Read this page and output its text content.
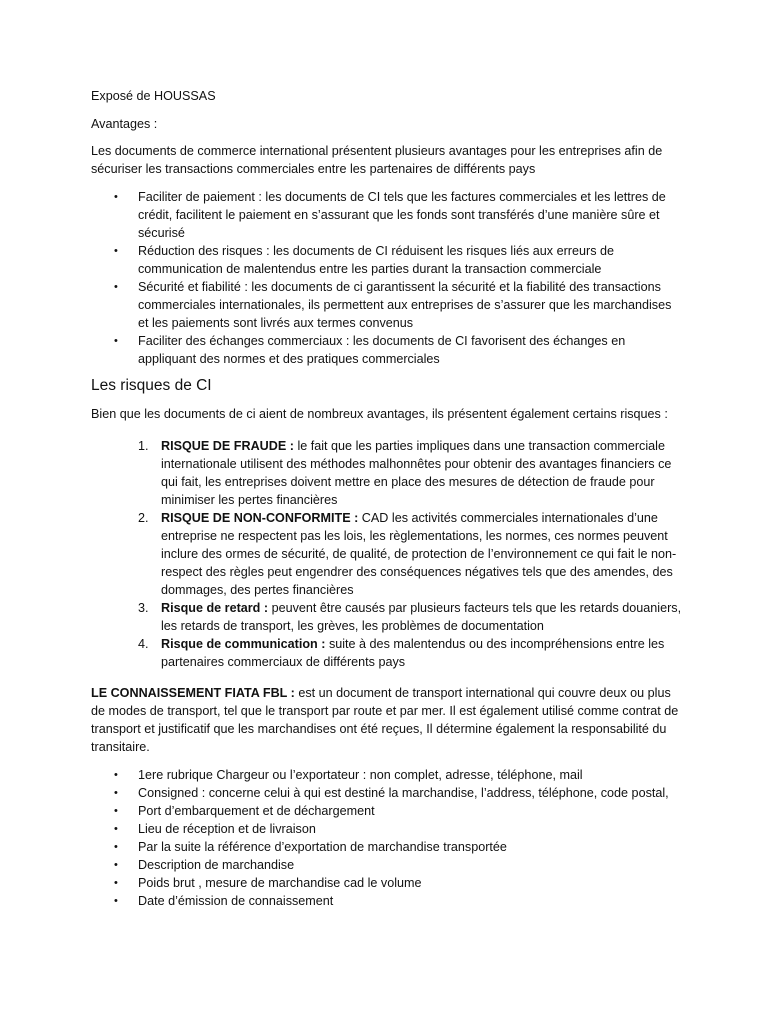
Exposé de HOUSSAS

Avantages :

Les documents de commerce international présentent plusieurs avantages pour les entreprises afin de sécuriser les transactions commerciales entre les partenaires de différents pays

•	Faciliter de paiement : les documents de CI tels que les factures commerciales et les lettres de crédit, facilitent le paiement en s’assurant que les fonds sont transférés d’une manière sûre et sécurisé
•	Réduction des risques : les documents de CI réduisent les risques liés aux erreurs de communication de malentendus entre les parties durant la transaction commerciale
•	Sécurité et fiabilité : les documents de ci garantissent la sécurité et la fiabilité des transactions commerciales internationales, ils permettent aux entreprises de s’assurer que les marchandises et les paiements sont livrés aux termes convenus
•	Faciliter des échanges commerciaux : les documents de CI favorisent des échanges en appliquant des normes et des pratiques commerciales
Les risques de CI

Bien que les documents de ci aient de nombreux avantages, ils présentent également certains risques :

1. RISQUE DE FRAUDE : le fait que les parties impliques dans une transaction commerciale internationale utilisent des méthodes malhonnêtes pour obtenir des avantages financiers ce qui fait, les entreprises doivent mettre en place des mesures de détection de fraude pour minimiser les pertes financières
2. RISQUE DE NON-CONFORMITE : CAD les activités commerciales internationales d’une entreprise ne respectent pas les lois, les règlementations, les normes, ces normes peuvent inclure des ormes de sécurité, de qualité, de protection de l’environnement ce qui fait le non-respect des règles peut engendrer des conséquences négatives tels que des amendes, des dommages, des pertes financières
3. Risque de retard : peuvent être causés par plusieurs facteurs tels que les retards douaniers, les retards de transport, les grèves, les problèmes de documentation
4. Risque de communication : suite à des malentendus ou des incompréhensions entre les partenaires commerciaux de différents pays

LE CONNAISSEMENT FIATA FBL : est un document de transport international qui couvre deux ou plus de modes de transport, tel que le transport par route et par mer. Il est également utilisé comme contrat de transport et justificatif que les marchandises ont été reçues, Il détermine également la responsabilité du transitaire.

•	1ere rubrique Chargeur ou l’exportateur : non complet, adresse, téléphone, mail
•	Consigned : concerne celui à qui est destiné la marchandise, l’address, téléphone, code postal,
•	Port d’embarquement et de déchargement
•	Lieu de réception et de livraison
•	Par la suite la référence d’exportation de marchandise transportée
•	Description de marchandise
•	Poids brut , mesure de marchandise cad le volume
•	Date d’émission de connaissement
